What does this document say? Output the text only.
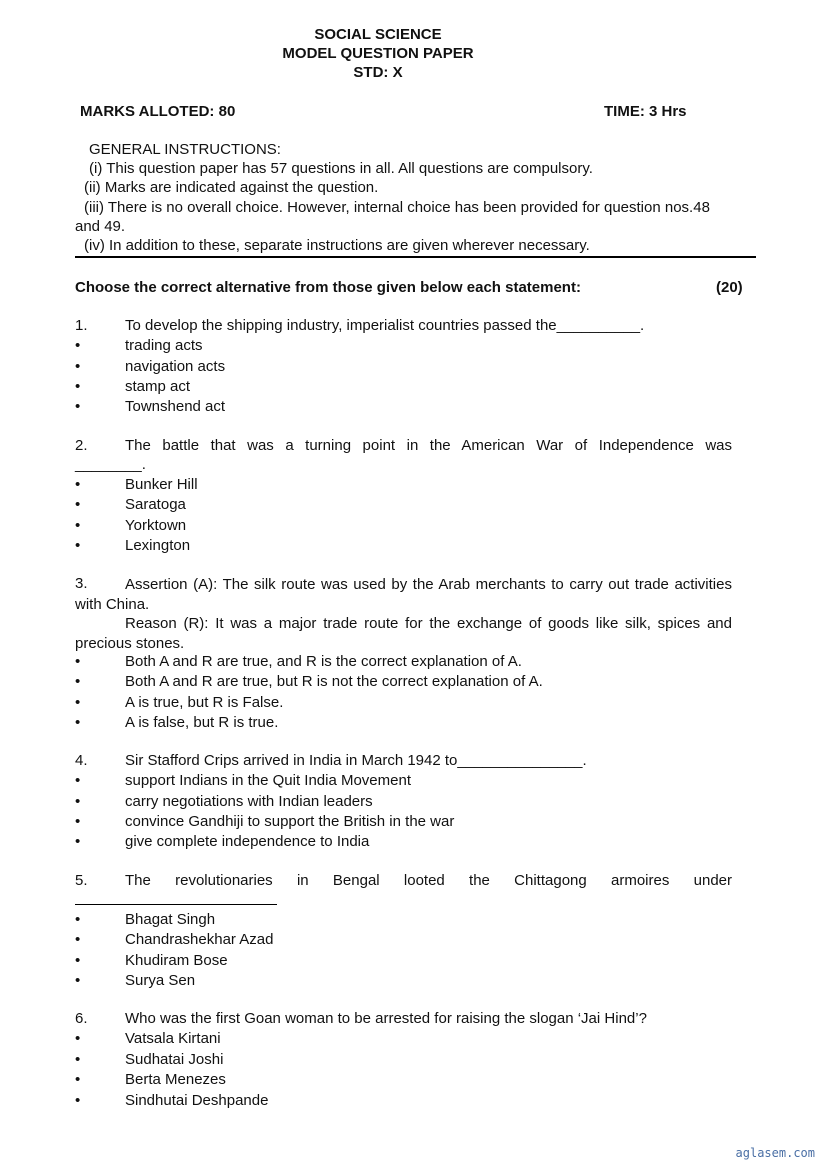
SOCIAL SCIENCE
MODEL QUESTION PAPER
STD: X
MARKS ALLOTED: 80	TIME: 3 Hrs
GENERAL INSTRUCTIONS:
(i) This question paper has 57 questions in all. All questions are compulsory.
(ii) Marks are indicated against the question.
(iii) There is no overall choice. However, internal choice has been provided for question nos.48
and 49.
(iv) In addition to these, separate instructions are given wherever necessary.
Choose the correct alternative from those given below each statement:	(20)
1. To develop the shipping industry, imperialist countries passed the__________.
•	trading acts
•	navigation acts
•	stamp act
•	Townshend act
2. The battle that was a turning point in the American War of Independence was
________.
•	Bunker Hill
•	Saratoga
•	Yorktown
•	Lexington
3.	Assertion (A): The silk route was used by the Arab merchants to carry out trade activities with China.
Reason (R): It was a major trade route for the exchange of goods like silk, spices and precious stones.
•	Both A and R are true, and R is the correct explanation of A.
•	Both A and R are true, but R is not the correct explanation of A.
•	A is true, but R is False.
•	A is false, but R is true.
4. Sir Stafford Crips arrived in India in March 1942 to_______________.
•	support Indians in the Quit India Movement
•	carry negotiations with Indian leaders
•	convince Gandhiji to support the British in the war
•	give complete independence to India
5. The revolutionaries in Bengal looted the Chittagong armoires under
•	Bhagat Singh
•	Chandrashekhar Azad
•	Khudiram Bose
•	Surya Sen
6. Who was the first Goan woman to be arrested for raising the slogan ‘Jai Hind’?
•	Vatsala Kirtani
•	Sudhatai Joshi
•	Berta Menezes
•	Sindhutai Deshpande
aglasem.com
